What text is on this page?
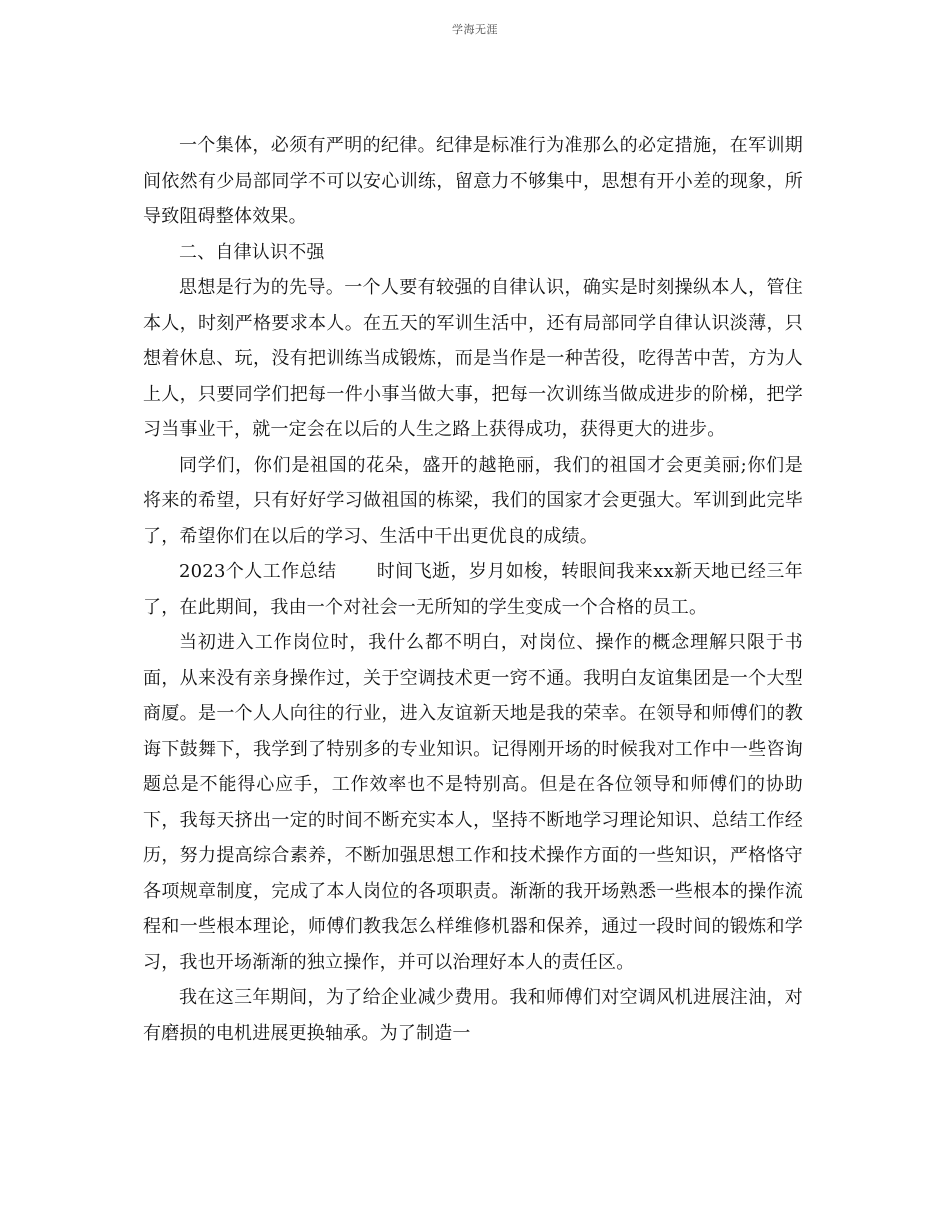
学海无涯

一个集体，必须有严明的纪律。纪律是标准行为准那么的必定措施，在军训期间依然有少局部同学不可以安心训练，留意力不够集中，思想有开小差的现象，所导致阻碍整体效果。

二、自律认识不强

思想是行为的先导。一个人要有较强的自律认识，确实是时刻操纵本人，管住本人，时刻严格要求本人。在五天的军训生活中，还有局部同学自律认识淡薄，只想着休息、玩，没有把训练当成锻炼，而是当作是一种苦役，吃得苦中苦，方为人上人，只要同学们把每一件小事当做大事，把每一次训练当做成进步的阶梯，把学习当事业干，就一定会在以后的人生之路上获得成功，获得更大的进步。

同学们，你们是祖国的花朵，盛开的越艳丽，我们的祖国才会更美丽;你们是将来的希望，只有好好学习做祖国的栋梁，我们的国家才会更强大。军训到此完毕了，希望你们在以后的学习、生活中干出更优良的成绩。

2023个人工作总结 时间飞逝，岁月如梭，转眼间我来xx新天地已经三年了，在此期间，我由一个对社会一无所知的学生变成一个合格的员工。

当初进入工作岗位时，我什么都不明白，对岗位、操作的概念理解只限于书面，从来没有亲身操作过，关于空调技术更一窍不通。我明白友谊集团是一个大型商厦。是一个人人向往的行业，进入友谊新天地是我的荣幸。在领导和师傅们的教诲下鼓舞下，我学到了特别多的专业知识。记得刚开场的时候我对工作中一些咨询题总是不能得心应手，工作效率也不是特别高。但是在各位领导和师傅们的协助下，我每天挤出一定的时间不断充实本人，坚持不断地学习理论知识、总结工作经历，努力提高综合素养，不断加强思想工作和技术操作方面的一些知识，严格恪守各项规章制度，完成了本人岗位的各项职责。渐渐的我开场熟悉一些根本的操作流程和一些根本理论，师傅们教我怎么样维修机器和保养，通过一段时间的锻炼和学习，我也开场渐渐的独立操作，并可以治理好本人的责任区。

我在这三年期间，为了给企业减少费用。我和师傅们对空调风机进展注油，对有磨损的电机进展更换轴承。为了制造一
